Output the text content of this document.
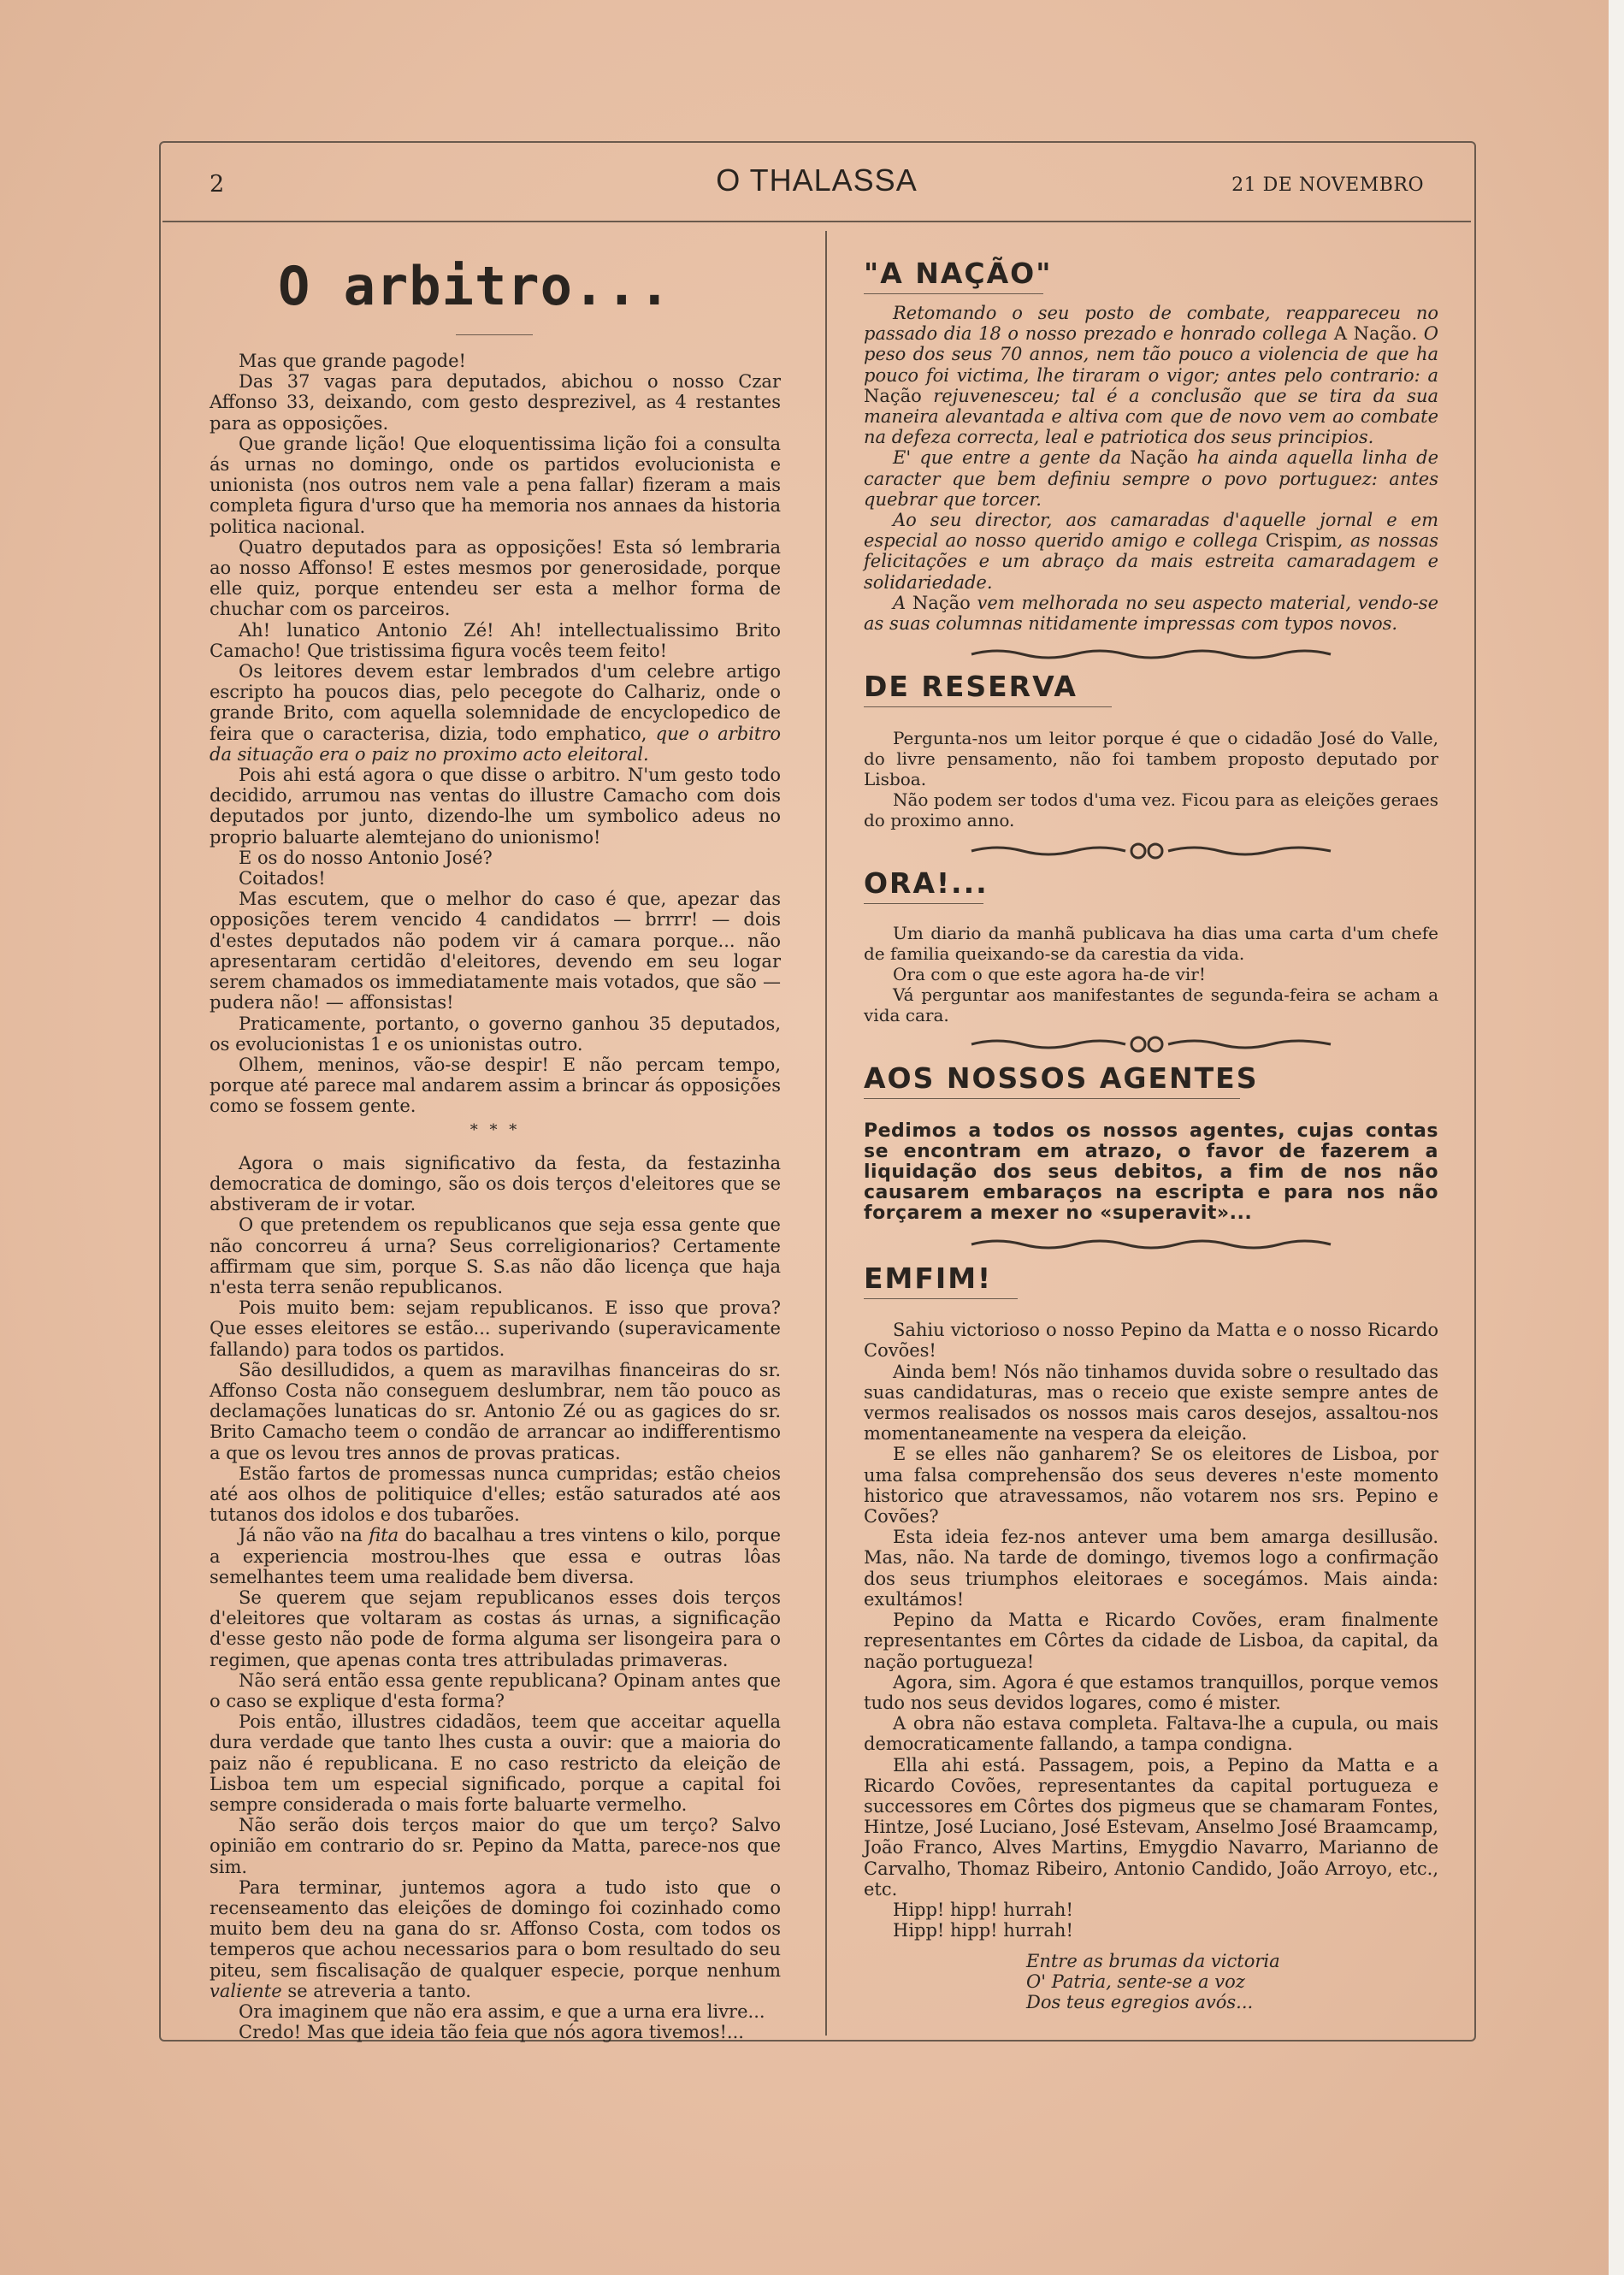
2	O THALASSA	21 DE NOVEMBRO
O arbitro...

Mas que grande pagode!

Das 37 vagas para deputados, abichou o nosso Czar Affonso 33, deixando, com gesto desprezivel, as 4 restantes para as opposições.

Que grande lição! Que eloquentissima lição foi a consulta ás urnas no domingo, onde os partidos evolucionista e unionista (nos outros nem vale a pena fallar) fizeram a mais completa figura d'urso que ha memoria nos annaes da historia politica nacional.

Quatro deputados para as opposições! Esta só lembraria ao nosso Affonso! E estes mesmos por generosidade, porque elle quiz, porque entendeu ser esta a melhor forma de chuchar com os parceiros.

Ah! lunatico Antonio Zé! Ah! intellectualissimo Brito Camacho! Que tristissima figura vocês teem feito!

Os leitores devem estar lembrados d'um celebre artigo escripto ha poucos dias, pelo pecegote do Calhariz, onde o grande Brito, com aquella solemnidade de encyclopedico de feira que o caracterisa, dizia, todo emphatico, que o arbitro da situação era o paiz no proximo acto eleitoral.

Pois ahi está agora o que disse o arbitro. N'um gesto todo decidido, arrumou nas ventas do illustre Camacho com dois deputados por junto, dizendo-lhe um symbolico adeus no proprio baluarte alemtejano do unionismo!

E os do nosso Antonio José?

Coitados!

Mas escutem, que o melhor do caso é que, apezar das opposições terem vencido 4 candidatos — brrrr! — dois d'estes deputados não podem vir á camara porque... não apresentaram certidão d'eleitores, devendo em seu logar serem chamados os immediatamente mais votados, que são — pudera não! — affonsistas!

Praticamente, portanto, o governo ganhou 35 deputados, os evolucionistas 1 e os unionistas outro.

Olhem, meninos, vão-se despir! E não percam tempo, porque até parece mal andarem assim a brincar ás opposições como se fossem gente.

* * *

Agora o mais significativo da festa, da festazinha democratica de domingo, são os dois terços d'eleitores que se abstiveram de ir votar.

O que pretendem os republicanos que seja essa gente que não concorreu á urna? Seus correligionarios? Certamente affirmam que sim, porque S. S.as não dão licença que haja n'esta terra senão republicanos.

Pois muito bem: sejam republicanos. E isso que prova? Que esses eleitores se estão... superivando (superavicamente fallando) para todos os partidos.

São desilludidos, a quem as maravilhas financeiras do sr. Affonso Costa não conseguem deslumbrar, nem tão pouco as declamações lunaticas do sr. Antonio Zé ou as gagices do sr. Brito Camacho teem o condão de arrancar ao indifferentismo a que os levou tres annos de provas praticas.

Estão fartos de promessas nunca cumpridas; estão cheios até aos olhos de politiquice d'elles; estão saturados até aos tutanos dos idolos e dos tubarões.

Já não vão na fita do bacalhau a tres vintens o kilo, porque a experiencia mostrou-lhes que essa e outras lôas semelhantes teem uma realidade bem diversa.

Se querem que sejam republicanos esses dois terços d'eleitores que voltaram as costas ás urnas, a significação d'esse gesto não pode de forma alguma ser lisongeira para o regimen, que apenas conta tres attribuladas primaveras.

Não será então essa gente republicana? Opinam antes que o caso se explique d'esta forma?

Pois então, illustres cidadãos, teem que acceitar aquella dura verdade que tanto lhes custa a ouvir: que a maioria do paiz não é republicana. E no caso restricto da eleição de Lisboa tem um especial significado, porque a capital foi sempre considerada o mais forte baluarte vermelho.

Não serão dois terços maior do que um terço? Salvo opinião em contrario do sr. Pepino da Matta, parece-nos que sim.

Para terminar, juntemos agora a tudo isto que o recenseamento das eleições de domingo foi cozinhado como muito bem deu na gana do sr. Affonso Costa, com todos os temperos que achou necessarios para o bom resultado do seu piteu, sem fiscalisação de qualquer especie, porque nenhum valiente se atreveria a tanto.

Ora imaginem que não era assim, e que a urna era livre...

Credo! Mas que ideia tão feia que nós agora tivemos!...

"A NAÇÃO"

Retomando o seu posto de combate, reappareceu no passado dia 18 o nosso prezado e honrado collega A Nação. O peso dos seus 70 annos, nem tão pouco a violencia de que ha pouco foi victima, lhe tiraram o vigor; antes pelo contrario: a Nação rejuvenesceu; tal é a conclusão que se tira da sua maneira alevantada e altiva com que de novo vem ao combate na defeza correcta, leal e patriotica dos seus principios.

E' que entre a gente da Nação ha ainda aquella linha de caracter que bem definiu sempre o povo portuguez: antes quebrar que torcer.

Ao seu director, aos camaradas d'aquelle jornal e em especial ao nosso querido amigo e collega Crispim, as nossas felicitações e um abraço da mais estreita camaradagem e solidariedade.

A Nação vem melhorada no seu aspecto material, vendo-se as suas columnas nitidamente impressas com typos novos.

DE RESERVA

Pergunta-nos um leitor porque é que o cidadão José do Valle, do livre pensamento, não foi tambem proposto deputado por Lisboa.

Não podem ser todos d'uma vez. Ficou para as eleições geraes do proximo anno.

ORA!...

Um diario da manhã publicava ha dias uma carta d'um chefe de familia queixando-se da carestia da vida.

Ora com o que este agora ha-de vir!

Vá perguntar aos manifestantes de segunda-feira se acham a vida cara.

AOS NOSSOS AGENTES
Pedimos a todos os nossos agentes, cujas contas se encontram em atrazo, o favor de fazerem a liquidação dos seus debitos, a fim de nos não causarem embaraços na escripta e para nos não forçarem a mexer no «superavit»...
EMFIM!

Sahiu victorioso o nosso Pepino da Matta e o nosso Ricardo Covões!

Ainda bem! Nós não tinhamos duvida sobre o resultado das suas candidaturas, mas o receio que existe sempre antes de vermos realisados os nossos mais caros desejos, assaltou-nos momentaneamente na vespera da eleição.

E se elles não ganharem? Se os eleitores de Lisboa, por uma falsa comprehensão dos seus deveres n'este momento historico que atravessamos, não votarem nos srs. Pepino e Covões?

Esta ideia fez-nos antever uma bem amarga desillusão. Mas, não. Na tarde de domingo, tivemos logo a confirmação dos seus triumphos eleitoraes e socegámos. Mais ainda: exultámos!

Pepino da Matta e Ricardo Covões, eram finalmente representantes em Côrtes da cidade de Lisboa, da capital, da nação portugueza!

Agora, sim. Agora é que estamos tranquillos, porque vemos tudo nos seus devidos logares, como é mister.

A obra não estava completa. Faltava-lhe a cupula, ou mais democraticamente fallando, a tampa condigna.

Ella ahi está. Passagem, pois, a Pepino da Matta e a Ricardo Covões, representantes da capital portugueza e successores em Côrtes dos pigmeus que se chamaram Fontes, Hintze, José Luciano, José Estevam, Anselmo José Braamcamp, João Franco, Alves Martins, Emygdio Navarro, Marianno de Carvalho, Thomaz Ribeiro, Antonio Candido, João Arroyo, etc., etc.

Hipp! hipp! hurrah!

Hipp! hipp! hurrah!

Entre as brumas da victoria
O' Patria, sente-se a voz
Dos teus egregios avós...
